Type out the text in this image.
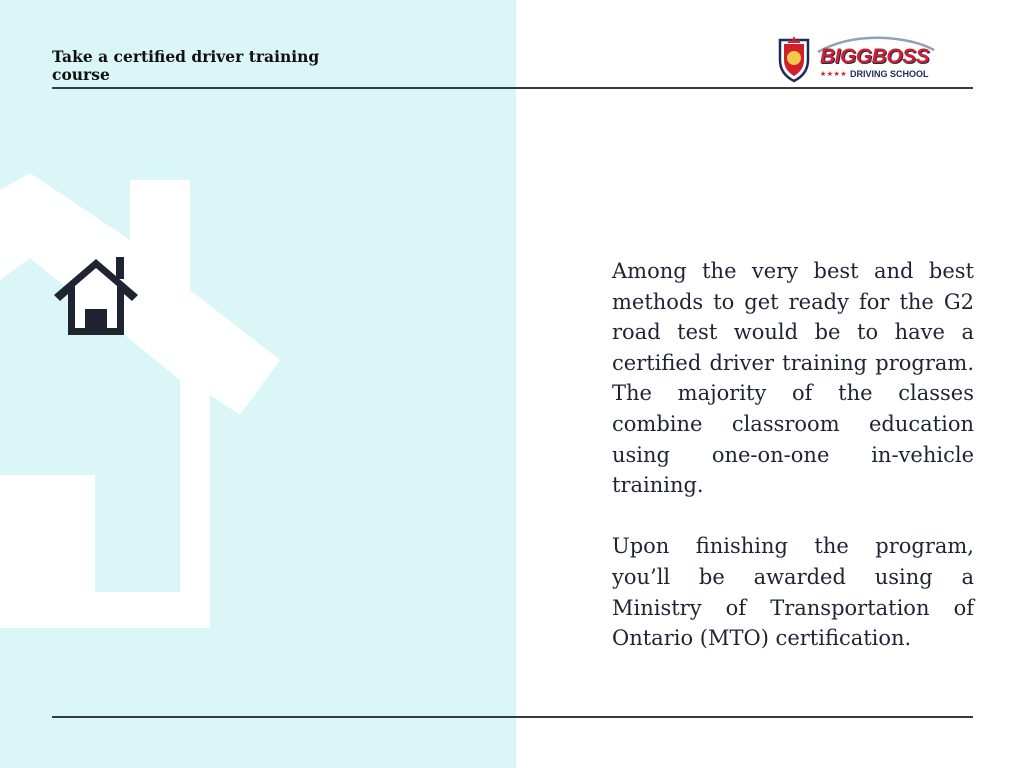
Take a certified driver training course
BIGGBOSS
★★★★ DRIVING SCHOOL

Among the very best and best methods to get ready for the G2 road test would be to have a certified driver training program. The majority of the classes combine classroom education using one-on-one in-vehicle training.

Upon finishing the program, you’ll be awarded using a Ministry of Transportation of Ontario (MTO) certification.
